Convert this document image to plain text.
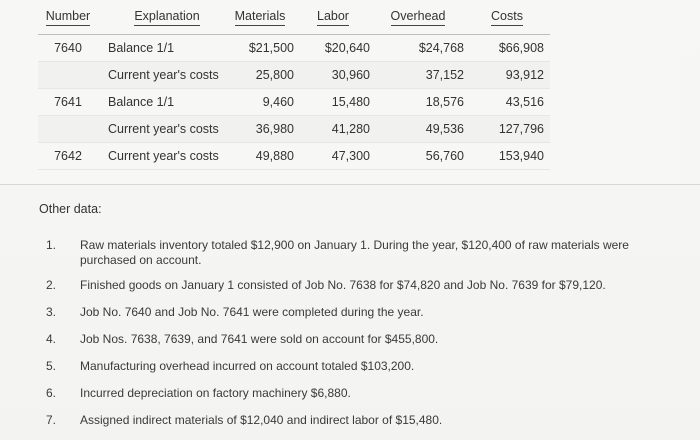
Number	Explanation	Materials	Labor	Overhead	Costs
7640	Balance 1/1	$21,500	$20,640	$24,768	$66,908
	Current year's costs	25,800	30,960	37,152	93,912
7641	Balance 1/1	9,460	15,480	18,576	43,516
	Current year's costs	36,980	41,280	49,536	127,796
7642	Current year's costs	49,880	47,300	56,760	153,940
Other data:
1. Raw materials inventory totaled $12,900 on January 1. During the year, $120,400 of raw materials were purchased on account.
2. Finished goods on January 1 consisted of Job No. 7638 for $74,820 and Job No. 7639 for $79,120.
3. Job No. 7640 and Job No. 7641 were completed during the year.
4. Job Nos. 7638, 7639, and 7641 were sold on account for $455,800.
5. Manufacturing overhead incurred on account totaled $103,200.
6. Incurred depreciation on factory machinery $6,880.
7. Assigned indirect materials of $12,040 and indirect labor of $15,480.
